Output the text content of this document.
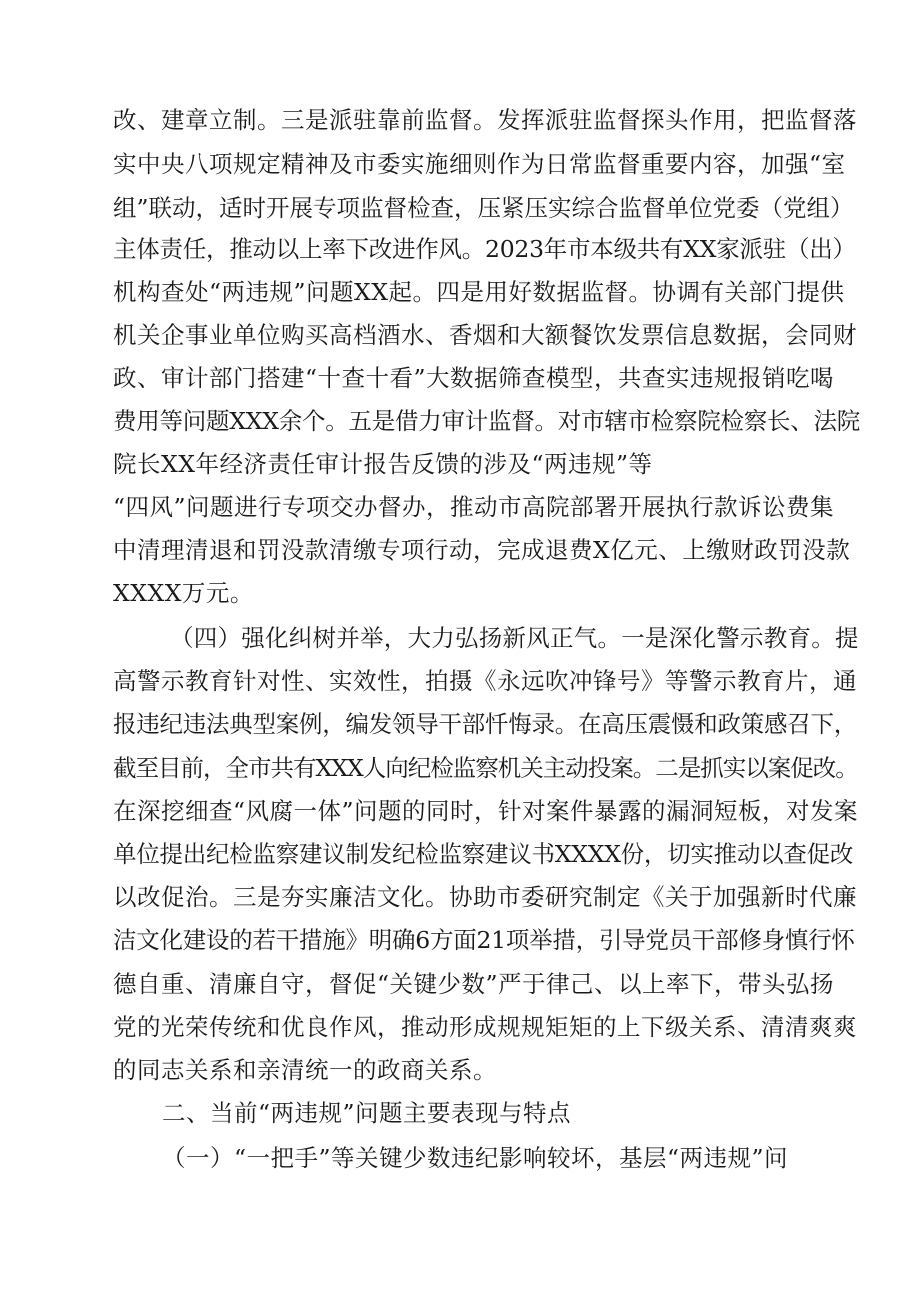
改、建章立制。三是派驻靠前监督。发挥派驻监督探头作用，把监督落
实中央八项规定精神及市委实施细则作为日常监督重要内容，加强“室
组”联动，适时开展专项监督检查，压紧压实综合监督单位党委（党组）
主体责任，推动以上率下改进作风。2023年市本级共有XX家派驻（出）
机构查处“两违规”问题XX起。四是用好数据监督。协调有关部门提供
机关企事业单位购买高档酒水、香烟和大额餐饮发票信息数据，会同财
政、审计部门搭建“十查十看”大数据筛查模型，共查实违规报销吃喝
费用等问题XXX余个。五是借力审计监督。对市辖市检察院检察长、法院
院长XX年经济责任审计报告反馈的涉及“两违规”等
“四风”问题进行专项交办督办，推动市高院部署开展执行款诉讼费集
中清理清退和罚没款清缴专项行动，完成退费X亿元、上缴财政罚没款
XXXX万元。
（四）强化纠树并举，大力弘扬新风正气。一是深化警示教育。提
高警示教育针对性、实效性，拍摄《永远吹冲锋号》等警示教育片，通
报违纪违法典型案例，编发领导干部忏悔录。在高压震慑和政策感召下，
截至目前，全市共有XXX人向纪检监察机关主动投案。二是抓实以案促改。
在深挖细查“风腐一体”问题的同时，针对案件暴露的漏洞短板，对发案
单位提出纪检监察建议制发纪检监察建议书XXXX份，切实推动以查促改
以改促治。三是夯实廉洁文化。协助市委研究制定《关于加强新时代廉
洁文化建设的若干措施》明确6方面21项举措，引导党员干部修身慎行怀
德自重、清廉自守，督促“关键少数”严于律己、以上率下，带头弘扬
党的光荣传统和优良作风，推动形成规规矩矩的上下级关系、清清爽爽
的同志关系和亲清统一的政商关系。
二、当前“两违规”问题主要表现与特点
（一）“一把手”等关键少数违纪影响较坏，基层“两违规”问
